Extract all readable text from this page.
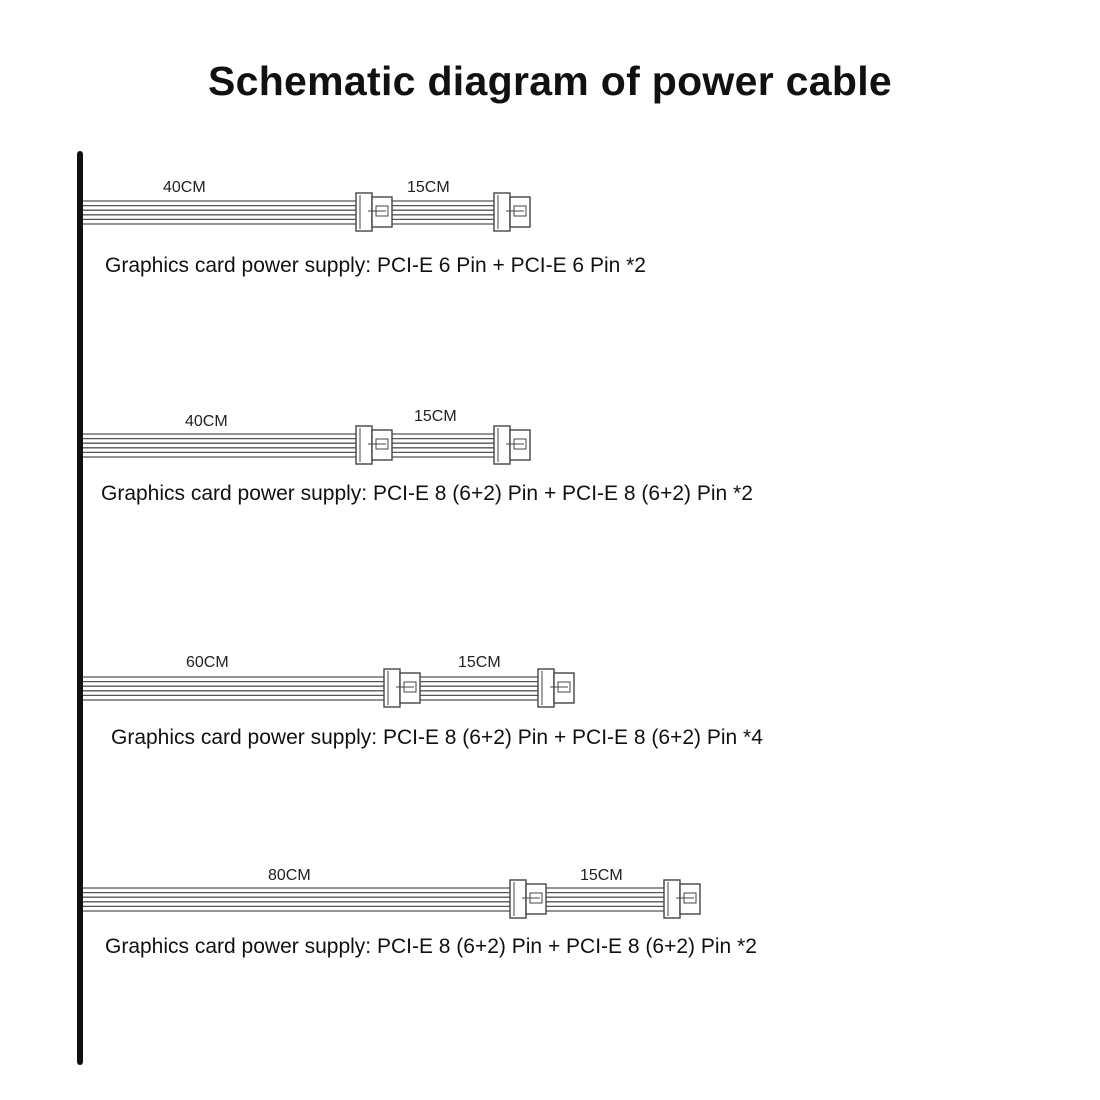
Schematic diagram of power cable
40CM	15CM
Graphics card power supply: PCI-E 6 Pin + PCI-E 6 Pin *2
40CM	15CM
Graphics card power supply: PCI-E 8 (6+2) Pin + PCI-E 8 (6+2) Pin *2
60CM	15CM
Graphics card power supply: PCI-E 8 (6+2) Pin + PCI-E 8 (6+2) Pin *4
80CM	15CM
Graphics card power supply: PCI-E 8 (6+2) Pin + PCI-E 8 (6+2) Pin *2
